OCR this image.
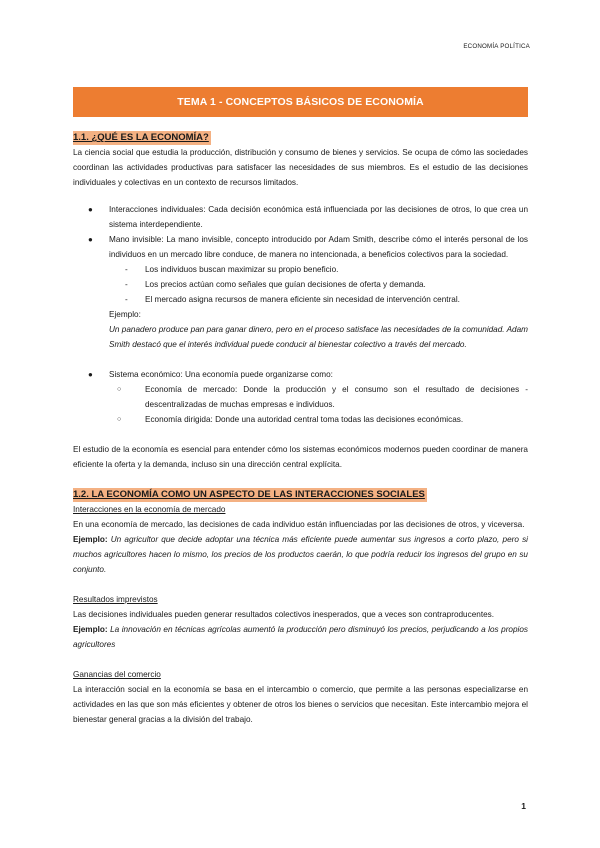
ECONOMÍA POLÍTICA
TEMA 1 - CONCEPTOS BÁSICOS DE ECONOMÍA
1.1. ¿QUÉ ES LA ECONOMÍA?

La ciencia social que estudia la producción, distribución y consumo de bienes y servicios. Se ocupa de cómo las sociedades coordinan las actividades productivas para satisfacer las necesidades de sus miembros. Es el estudio de las decisiones individuales y colectivas en un contexto de recursos limitados.

● Interacciones individuales: Cada decisión económica está influenciada por las decisiones de otros, lo que crea un sistema interdependiente.
● Mano invisible: La mano invisible, concepto introducido por Adam Smith, describe cómo el interés personal de los individuos en un mercado libre conduce, de manera no intencionada, a beneficios colectivos para la sociedad.
- Los individuos buscan maximizar su propio beneficio.
- Los precios actúan como señales que guían decisiones de oferta y demanda.
- El mercado asigna recursos de manera eficiente sin necesidad de intervención central.
Ejemplo:

Un panadero produce pan para ganar dinero, pero en el proceso satisface las necesidades de la comunidad. Adam Smith destacó que el interés individual puede conducir al bienestar colectivo a través del mercado.

● Sistema económico: Una economía puede organizarse como:
○	Economía de mercado: Donde la producción y el consumo son el resultado de decisiones - descentralizadas de muchas empresas e individuos.
○	Economía dirigida: Donde una autoridad central toma todas las decisiones económicas.

El estudio de la economía es esencial para entender cómo los sistemas económicos modernos pueden coordinar de manera eficiente la oferta y la demanda, incluso sin una dirección central explícita.

1.2. LA ECONOMÍA COMO UN ASPECTO DE LAS INTERACCIONES SOCIALES
Interacciones en la economía de mercado

En una economía de mercado, las decisiones de cada individuo están influenciadas por las decisiones de otros, y viceversa.

Ejemplo: Un agricultor que decide adoptar una técnica más eficiente puede aumentar sus ingresos a corto plazo, pero si muchos agricultores hacen lo mismo, los precios de los productos caerán, lo que podría reducir los ingresos del grupo en su conjunto.

Resultados imprevistos

Las decisiones individuales pueden generar resultados colectivos inesperados, que a veces son contraproducentes.

Ejemplo: La innovación en técnicas agrícolas aumentó la producción pero disminuyó los precios, perjudicando a los propios agricultores

Ganancias del comercio

La interacción social en la economía se basa en el intercambio o comercio, que permite a las personas especializarse en actividades en las que son más eficientes y obtener de otros los bienes o servicios que necesitan. Este intercambio mejora el bienestar general gracias a la división del trabajo.

1
